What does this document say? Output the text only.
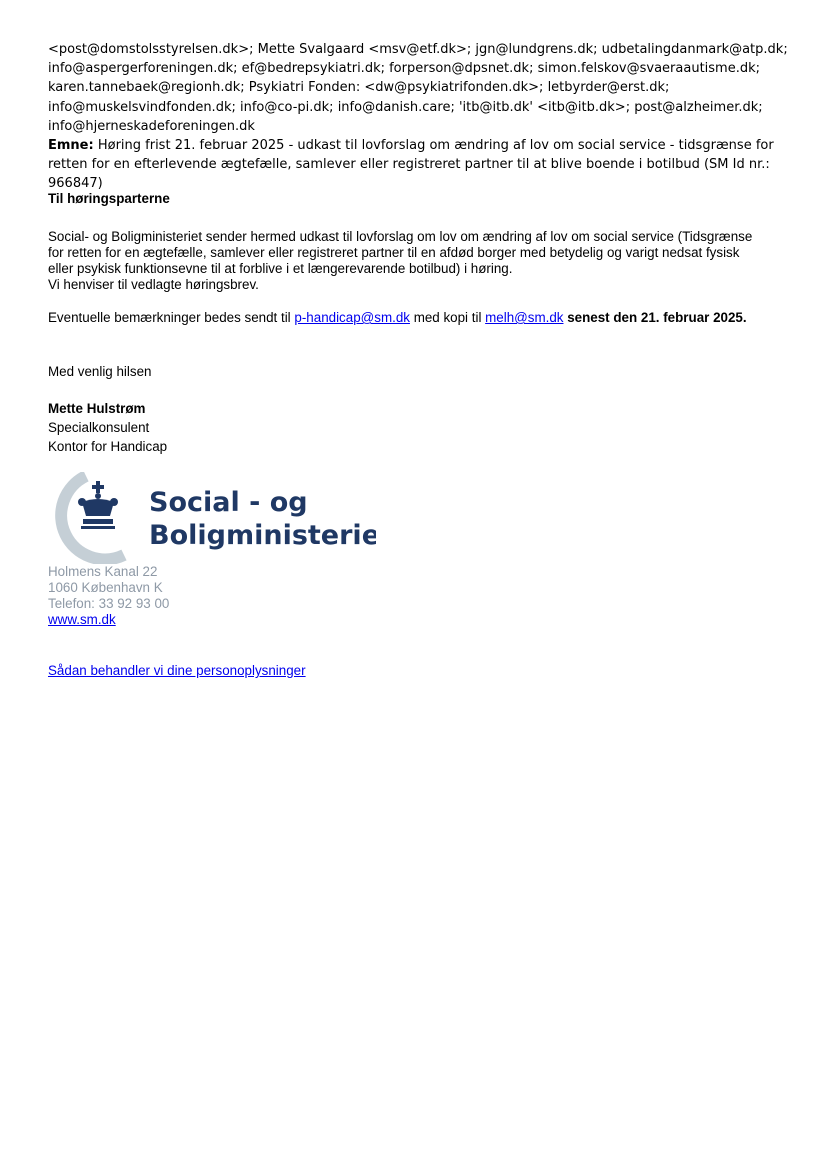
<post@domstolsstyrelsen.dk>; Mette Svalgaard <msv@etf.dk>; jgn@lundgrens.dk; udbetalingdanmark@atp.dk;

info@aspergerforeningen.dk; ef@bedrepsykiatri.dk; forperson@dpsnet.dk; simon.felskov@svaeraautisme.dk;

karen.tannebaek@regionh.dk; Psykiatri Fonden: <dw@psykiatrifonden.dk>; letbyrder@erst.dk;

info@muskelsvindfonden.dk; info@co-pi.dk; info@danish.care; 'itb@itb.dk' <itb@itb.dk>; post@alzheimer.dk;

info@hjerneskadeforeningen.dk

Emne: Høring frist 21. februar 2025 - udkast til lovforslag om ændring af lov om social service - tidsgrænse for retten for en efterlevende ægtefælle, samlever eller registreret partner til at blive boende i botilbud (SM Id nr.: 966847)

Til høringsparterne
Social- og Boligministeriet sender hermed udkast til lovforslag om lov om ændring af lov om social service (Tidsgrænse
for retten for en ægtefælle, samlever eller registreret partner til en afdød borger med betydelig og varigt nedsat fysisk
eller psykisk funktionsevne til at forblive i et længerevarende botilbud) i høring.
Vi henviser til vedlagte høringsbrev.
Eventuelle bemærkninger bedes sendt til p-handicap@sm.dk med kopi til melh@sm.dk senest den 21. februar 2025.
Med venlig hilsen
Mette Hulstrøm
Specialkonsulent
Kontor for Handicap
Social - og
Boligministeriet

Holmens Kanal 22

1060 København K

Telefon: 33 92 93 00

www.sm.dk

Sådan behandler vi dine personoplysninger
